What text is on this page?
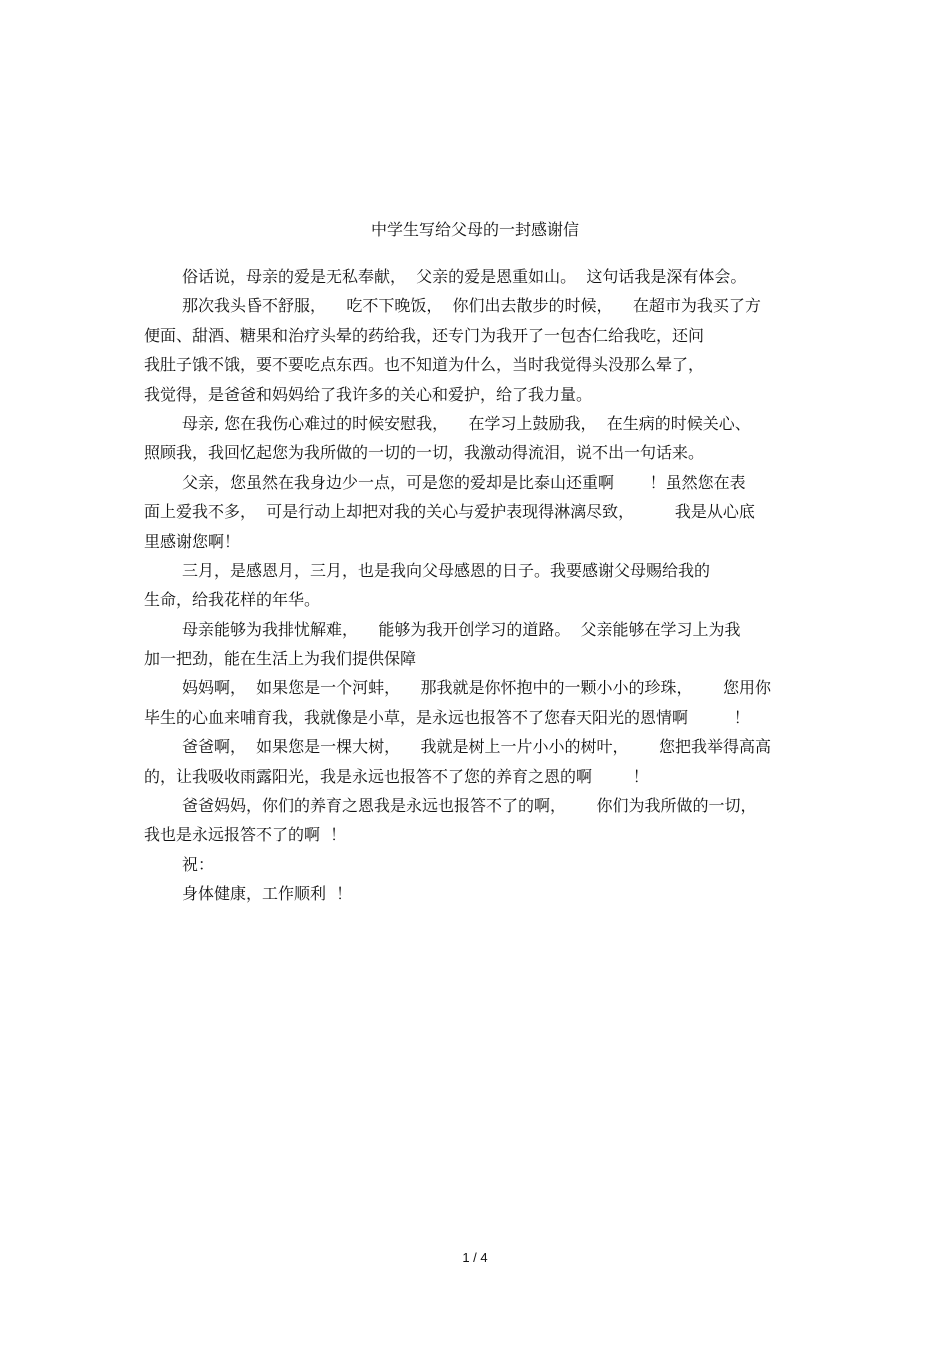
中学生写给父母的一封感谢信
俗话说，母亲的爱是无私奉献，  父亲的爱是恩重如山。  这句话我是深有体会。
那次我头昏不舒服，    吃不下晚饭，  你们出去散步的时候，    在超市为我买了方
便面、甜酒、糖果和治疗头晕的药给我，还专门为我开了一包杏仁给我吃，还问
我肚子饿不饿，要不要吃点东西。也不知道为什么，当时我觉得头没那么晕了，
我觉得，是爸爸和妈妈给了我许多的关心和爱护，给了我力量。
母亲, 您在我伤心难过的时候安慰我，    在学习上鼓励我，  在生病的时候关心、
照顾我，我回忆起您为我所做的一切的一切，我激动得流泪，说不出一句话来。
父亲，您虽然在我身边少一点，可是您的爱却是比泰山还重啊       ！虽然您在表
面上爱我不多，  可是行动上却把对我的关心与爱护表现得淋漓尽致，        我是从心底
里感谢您啊！
三月，是感恩月，三月，也是我向父母感恩的日子。我要感谢父母赐给我的
生命，给我花样的年华。
母亲能够为我排忧解难，    能够为我开创学习的道路。  父亲能够在学习上为我
加一把劲，能在生活上为我们提供保障
妈妈啊，  如果您是一个河蚌，    那我就是你怀抱中的一颗小小的珍珠，      您用你
毕生的心血来哺育我，我就像是小草，是永远也报答不了您春天阳光的恩情啊         ！
爸爸啊，  如果您是一棵大树，    我就是树上一片小小的树叶，      您把我举得高高
的，让我吸收雨露阳光，我是永远也报答不了您的养育之恩的啊        ！
爸爸妈妈，你们的养育之恩我是永远也报答不了的啊，      你们为我所做的一切，
我也是永远报答不了的啊  ！
祝：
身体健康，工作顺利  ！
1 / 4
